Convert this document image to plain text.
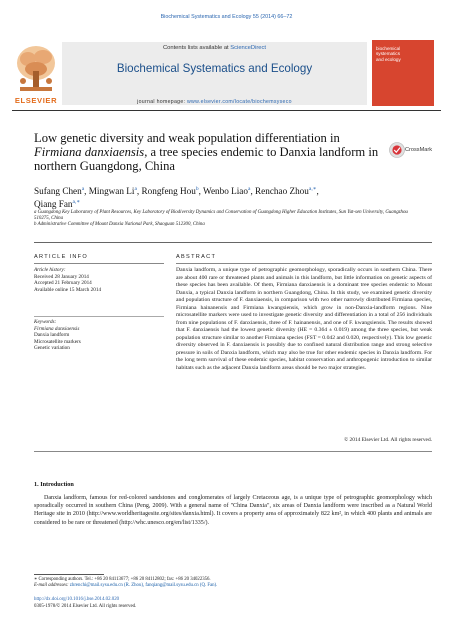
Biochemical Systematics and Ecology 55 (2014) 66–72
Contents lists available at ScienceDirect
Biochemical Systematics and Ecology
journal homepage: www.elsevier.com/locate/biochemsyseco
ELSEVIER
biochemical
systematics
and ecology
Low genetic diversity and weak population differentiation in Firmiana danxiaensis, a tree species endemic to Danxia landform in northern Guangdong, China
CrossMark
Sufang Chen$^a$, Mingwan Li$^a$, Rongfeng Hou$^b$, Wenbo Liao$^a$, Renchao Zhou$^{a,∗}$,
Qiang Fan$^{a,∗}$

a Guangdong Key Laboratory of Plant Resources, Key Laboratory of Biodiversity Dynamics and Conservation of Guangdong Higher Education Institutes, Sun Yat-sen University, Guangzhou 510275, China

b Administrative Committee of Mount Danxia National Park, Shaoguan 512300, China

ARTICLE INFO	ABSTRACT
Article history:
Received 28 January 2014
Accepted 21 February 2014
Available online 15 March 2014
Keywords:
Firmiana danxiaensis
Danxia landform
Microsatellite markers
Genetic variation
Danxia landform, a unique type of petrographic geomorphology, sporadically occurs in southern China. There are about 400 rare or threatened plants and animals in this landform, but little information on genetic aspects of these species has been available. Of them, Firmiana danxiaensis is a dominant tree species endemic to Mount Danxia, a typical Danxia landform in northern Guangdong, China. In this study, we examined genetic diversity and population structure of F. danxiaensis, in comparison with two other narrowly distributed Firmiana species, Firmiana hainanensis and Firmiana kwangsiensis, which grow in non-Danxia-landform regions. Nine microsatellite markers were used to investigate genetic diversity and differentiation in a total of 256 individuals from nine populations of F. danxiaensis, three of F. hainanensis, and one of F. kwangsiensis. The results showed that F. danxiaensis had the lowest genetic diversity (HE = 0.364 ± 0.019) among the three species, but weak population structure similar to another Firmiana species (FST = 0.042 and 0.020, respectively). This low genetic diversity observed in F. danxiaensis is possibly due to confined natural distribution range and strong selective pressure in soils of Danxia landform, which may also be true for other endemic species in Danxia landform. For the long term survival of these endemic species, habitat conservation and anthropogenic introduction to similar habitats such as the adjacent Danxia landform areas should be two major strategies.
© 2014 Elsevier Ltd. All rights reserved.
1. Introduction
Danxia landform, famous for red-colored sandstones and conglomerates of largely Cretaceous age, is a unique type of petrographic geomorphology which sporadically occurred in southern China (Peng, 2009). With a general name of "China Danxia", six areas of Danxia landform were inscribed as a Natural World Heritage site in 2010 (http://www.worldheritagesite.org/sites/danxia.html). It covers a property area of approximately 822 km², in which 400 plants and animals are considered to be rare or threatened (http://whc.unesco.org/en/list/1335/).

∗ Corresponding authors. Tel.: +86 20 84113677; +86 20 84112802; fax: +86 20 34022356.

E-mail addresses: zhrenchi@mail.sysu.edu.cn (R. Zhou), fanqiang@mail.sysu.edu.cn (Q. Fan).

http://dx.doi.org/10.1016/j.bse.2014.02.020
0305-1978/© 2014 Elsevier Ltd. All rights reserved.
